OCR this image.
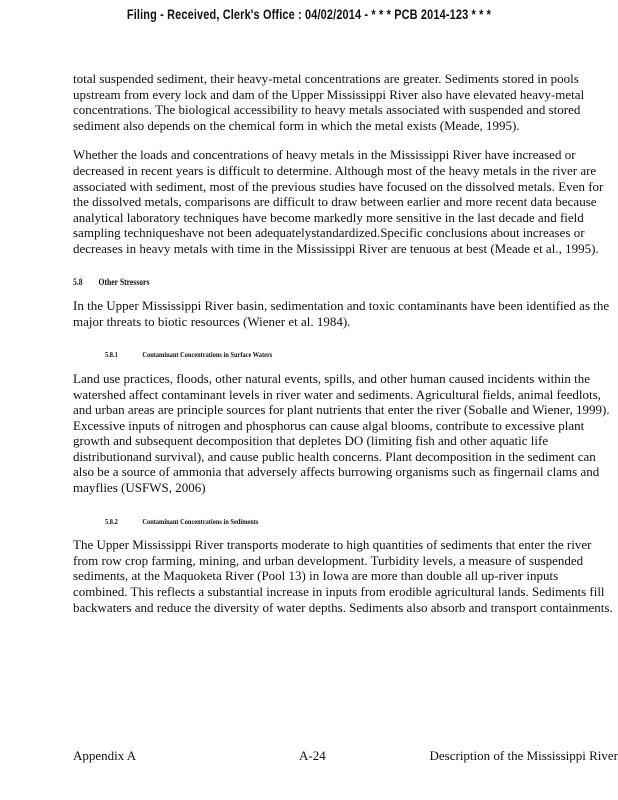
Filing - Received, Clerk's Office : 04/02/2014 - * * * PCB 2014-123 * * *

total suspended sediment, their heavy-metal concentrations are greater. Sediments stored in pools upstream from every lock and dam of the Upper Mississippi River also have elevated heavy-metal concentrations. The biological accessibility to heavy metals associated with suspended and stored sediment also depends on the chemical form in which the metal exists (Meade, 1995).

Whether the loads and concentrations of heavy metals in the Mississippi River have increased or decreased in recent years is difficult to determine. Although most of the heavy metals in the river are associated with sediment, most of the previous studies have focused on the dissolved metals. Even for the dissolved metals, comparisons are difficult to draw between earlier and more recent data because analytical laboratory techniques have become markedly more sensitive in the last decade and field sampling techniqueshave not been adequatelystandardized.Specific conclusions about increases or decreases in heavy metals with time in the Mississippi River are tenuous at best (Meade et al., 1995).

5.8 Other Stressors

In the Upper Mississippi River basin, sedimentation and toxic contaminants have been identified as the major threats to biotic resources (Wiener et al. 1984).

5.8.1	Contaminant Concentrations in Surface Waters

Land use practices, floods, other natural events, spills, and other human caused incidents within the watershed affect contaminant levels in river water and sediments. Agricultural fields, animal feedlots, and urban areas are principle sources for plant nutrients that enter the river (Soballe and Wiener, 1999). Excessive inputs of nitrogen and phosphorus can cause algal blooms, contribute to excessive plant growth and subsequent decomposition that depletes DO (limiting fish and other aquatic life distributionand survival), and cause public health concerns. Plant decomposition in the sediment can also be a source of ammonia that adversely affects burrowing organisms such as fingernail clams and mayflies (USFWS, 2006)

5.8.2	Contaminant Concentrations in Sediments

The Upper Mississippi River transports moderate to high quantities of sediments that enter the river from row crop farming, mining, and urban development. Turbidity levels, a measure of suspended sediments, at the Maquoketa River (Pool 13) in Iowa are more than double all up-river inputs combined. This reflects a substantial increase in inputs from erodible agricultural lands. Sediments fill backwaters and reduce the diversity of water depths. Sediments also absorb and transport containments.

Appendix A	A-24	Description of the Mississippi River
